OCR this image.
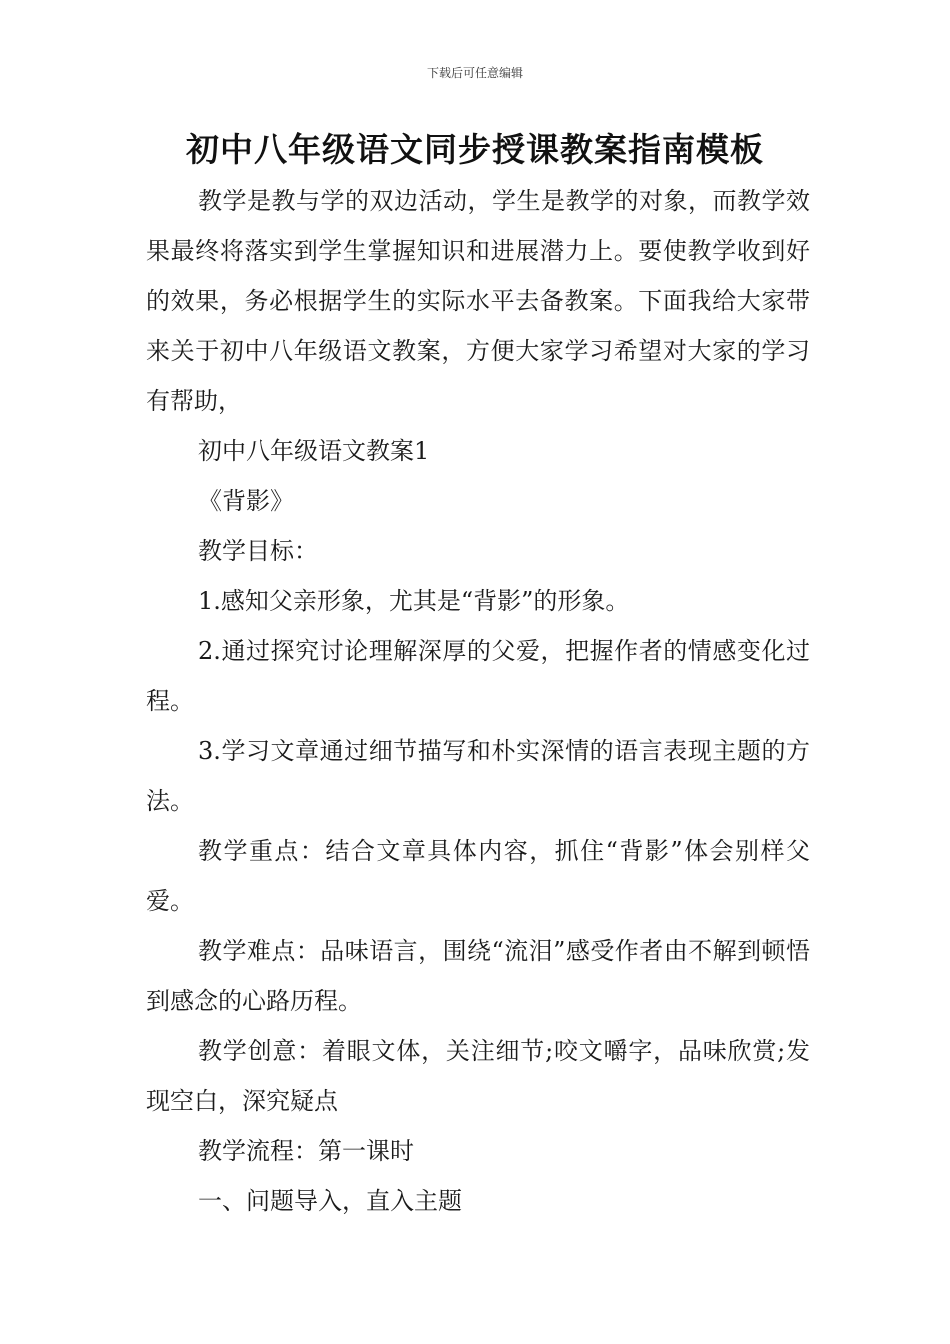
下载后可任意编辑
初中八年级语文同步授课教案指南模板

教学是教与学的双边活动，学生是教学的对象，而教学效果最终将落实到学生掌握知识和进展潜力上。要使教学收到好的效果，务必根据学生的实际水平去备教案。下面我给大家带来关于初中八年级语文教案，方便大家学习希望对大家的学习有帮助，

初中八年级语文教案1

《背影》

教学目标：

1.感知父亲形象，尤其是“背影”的形象。

2.通过探究讨论理解深厚的父爱，把握作者的情感变化过程。

3.学习文章通过细节描写和朴实深情的语言表现主题的方法。

教学重点：结合文章具体内容，抓住“背影”体会别样父爱。

教学难点：品味语言，围绕“流泪”感受作者由不解到顿悟到感念的心路历程。

教学创意：着眼文体，关注细节;咬文嚼字，品味欣赏;发现空白，深究疑点

教学流程：第一课时

一、问题导入，直入主题
